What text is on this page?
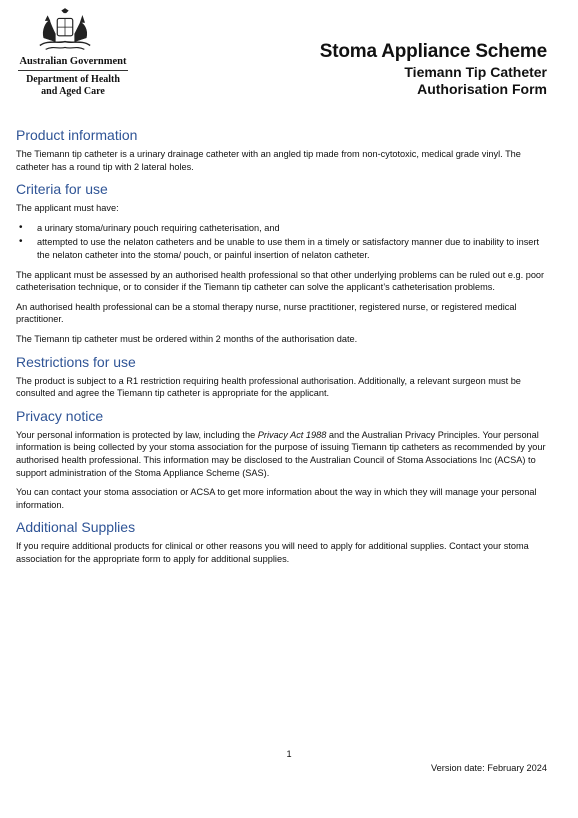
Australian Government
Department of Health
and Aged Care
Stoma Appliance Scheme
Tiemann Tip Catheter
Authorisation Form
Product information

The Tiemann tip catheter is a urinary drainage catheter with an angled tip made from non-cytotoxic, medical grade vinyl. The catheter has a round tip with 2 lateral holes.

Criteria for use

The applicant must have:

• a urinary stoma/urinary pouch requiring catheterisation, and
• attempted to use the nelaton catheters and be unable to use them in a timely or satisfactory manner due to inability to insert the nelaton catheter into the stoma/ pouch, or painful insertion of nelaton catheter.

The applicant must be assessed by an authorised health professional so that other underlying problems can be ruled out e.g. poor catheterisation technique, or to consider if the Tiemann tip catheter can solve the applicant’s catheterisation problems.

An authorised health professional can be a stomal therapy nurse, nurse practitioner, registered nurse, or registered medical practitioner.

The Tiemann tip catheter must be ordered within 2 months of the authorisation date.

Restrictions for use

The product is subject to a R1 restriction requiring health professional authorisation. Additionally, a relevant surgeon must be consulted and agree the Tiemann tip catheter is appropriate for the applicant.

Privacy notice

Your personal information is protected by law, including the Privacy Act 1988 and the Australian Privacy Principles. Your personal information is being collected by your stoma association for the purpose of issuing Tiemann tip catheters as recommended by your authorised health professional. This information may be disclosed to the Australian Council of Stoma Associations Inc (ACSA) to support administration of the Stoma Appliance Scheme (SAS).

You can contact your stoma association or ACSA to get more information about the way in which they will manage your personal information.

Additional Supplies

If you require additional products for clinical or other reasons you will need to apply for additional supplies. Contact your stoma association for the appropriate form to apply for additional supplies.

1
Version date: February 2024
